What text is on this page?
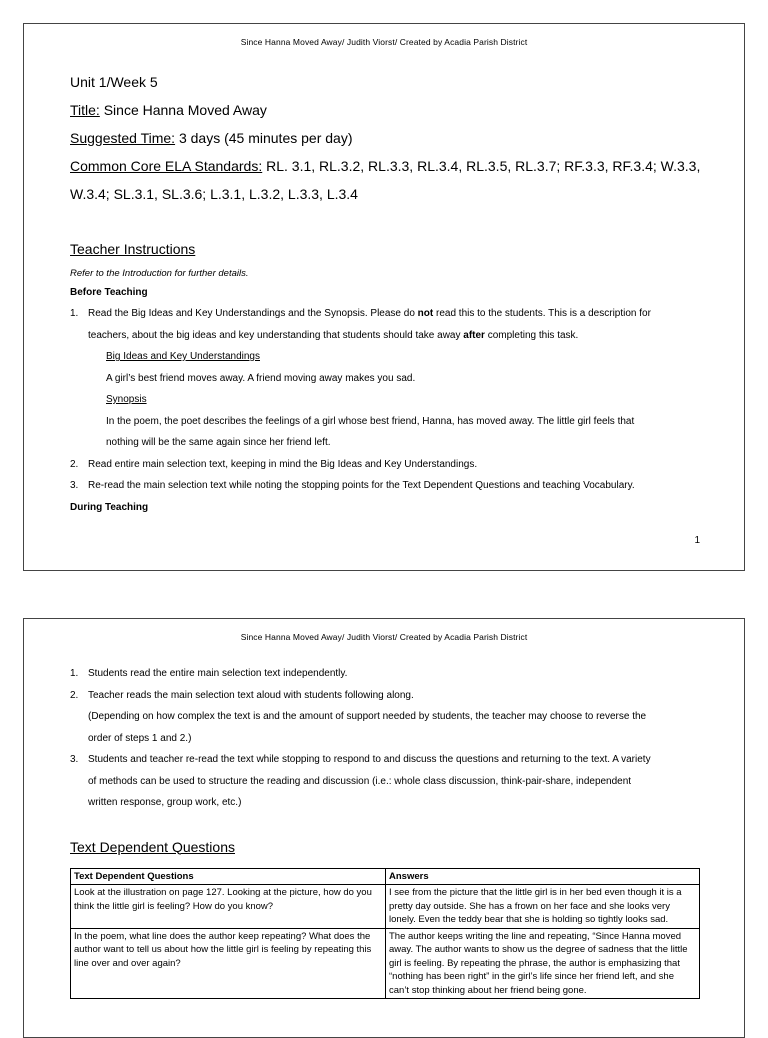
Since Hanna Moved Away/ Judith Viorst/ Created by Acadia Parish District
Unit 1/Week 5
Title: Since Hanna Moved Away
Suggested Time: 3 days (45 minutes per day)
Common Core ELA Standards: RL. 3.1, RL.3.2, RL.3.3, RL.3.4, RL.3.5, RL.3.7; RF.3.3, RF.3.4; W.3.3,
W.3.4; SL.3.1, SL.3.6; L.3.1, L.3.2, L.3.3, L.3.4
Teacher Instructions
Refer to the Introduction for further details.
Before Teaching
1. Read the Big Ideas and Key Understandings and the Synopsis. Please do not read this to the students. This is a description for
teachers, about the big ideas and key understanding that students should take away after completing this task.
Big Ideas and Key Understandings
A girl’s best friend moves away. A friend moving away makes you sad.
Synopsis
In the poem, the poet describes the feelings of a girl whose best friend, Hanna, has moved away. The little girl feels that
nothing will be the same again since her friend left.
2. Read entire main selection text, keeping in mind the Big Ideas and Key Understandings.
3. Re-read the main selection text while noting the stopping points for the Text Dependent Questions and teaching Vocabulary.
During Teaching
1
Since Hanna Moved Away/ Judith Viorst/ Created by Acadia Parish District
1. Students read the entire main selection text independently.
2. Teacher reads the main selection text aloud with students following along.
(Depending on how complex the text is and the amount of support needed by students, the teacher may choose to reverse the
order of steps 1 and 2.)
3. Students and teacher re-read the text while stopping to respond to and discuss the questions and returning to the text. A variety
of methods can be used to structure the reading and discussion (i.e.: whole class discussion, think-pair-share, independent
written response, group work, etc.)
Text Dependent Questions
Text Dependent Questions	Answers
Look at the illustration on page 127. Looking at the picture, how do you think the little girl is feeling? How do you know?	I see from the picture that the little girl is in her bed even though it is a pretty day outside. She has a frown on her face and she looks very lonely. Even the teddy bear that she is holding so tightly looks sad.
In the poem, what line does the author keep repeating? What does the author want to tell us about how the little girl is feeling by repeating this line over and over again?	The author keeps writing the line and repeating, “Since Hanna moved away. The author wants to show us the degree of sadness that the little girl is feeling. By repeating the phrase, the author is emphasizing that “nothing has been right” in the girl’s life since her friend left, and she can’t stop thinking about her friend being gone.
